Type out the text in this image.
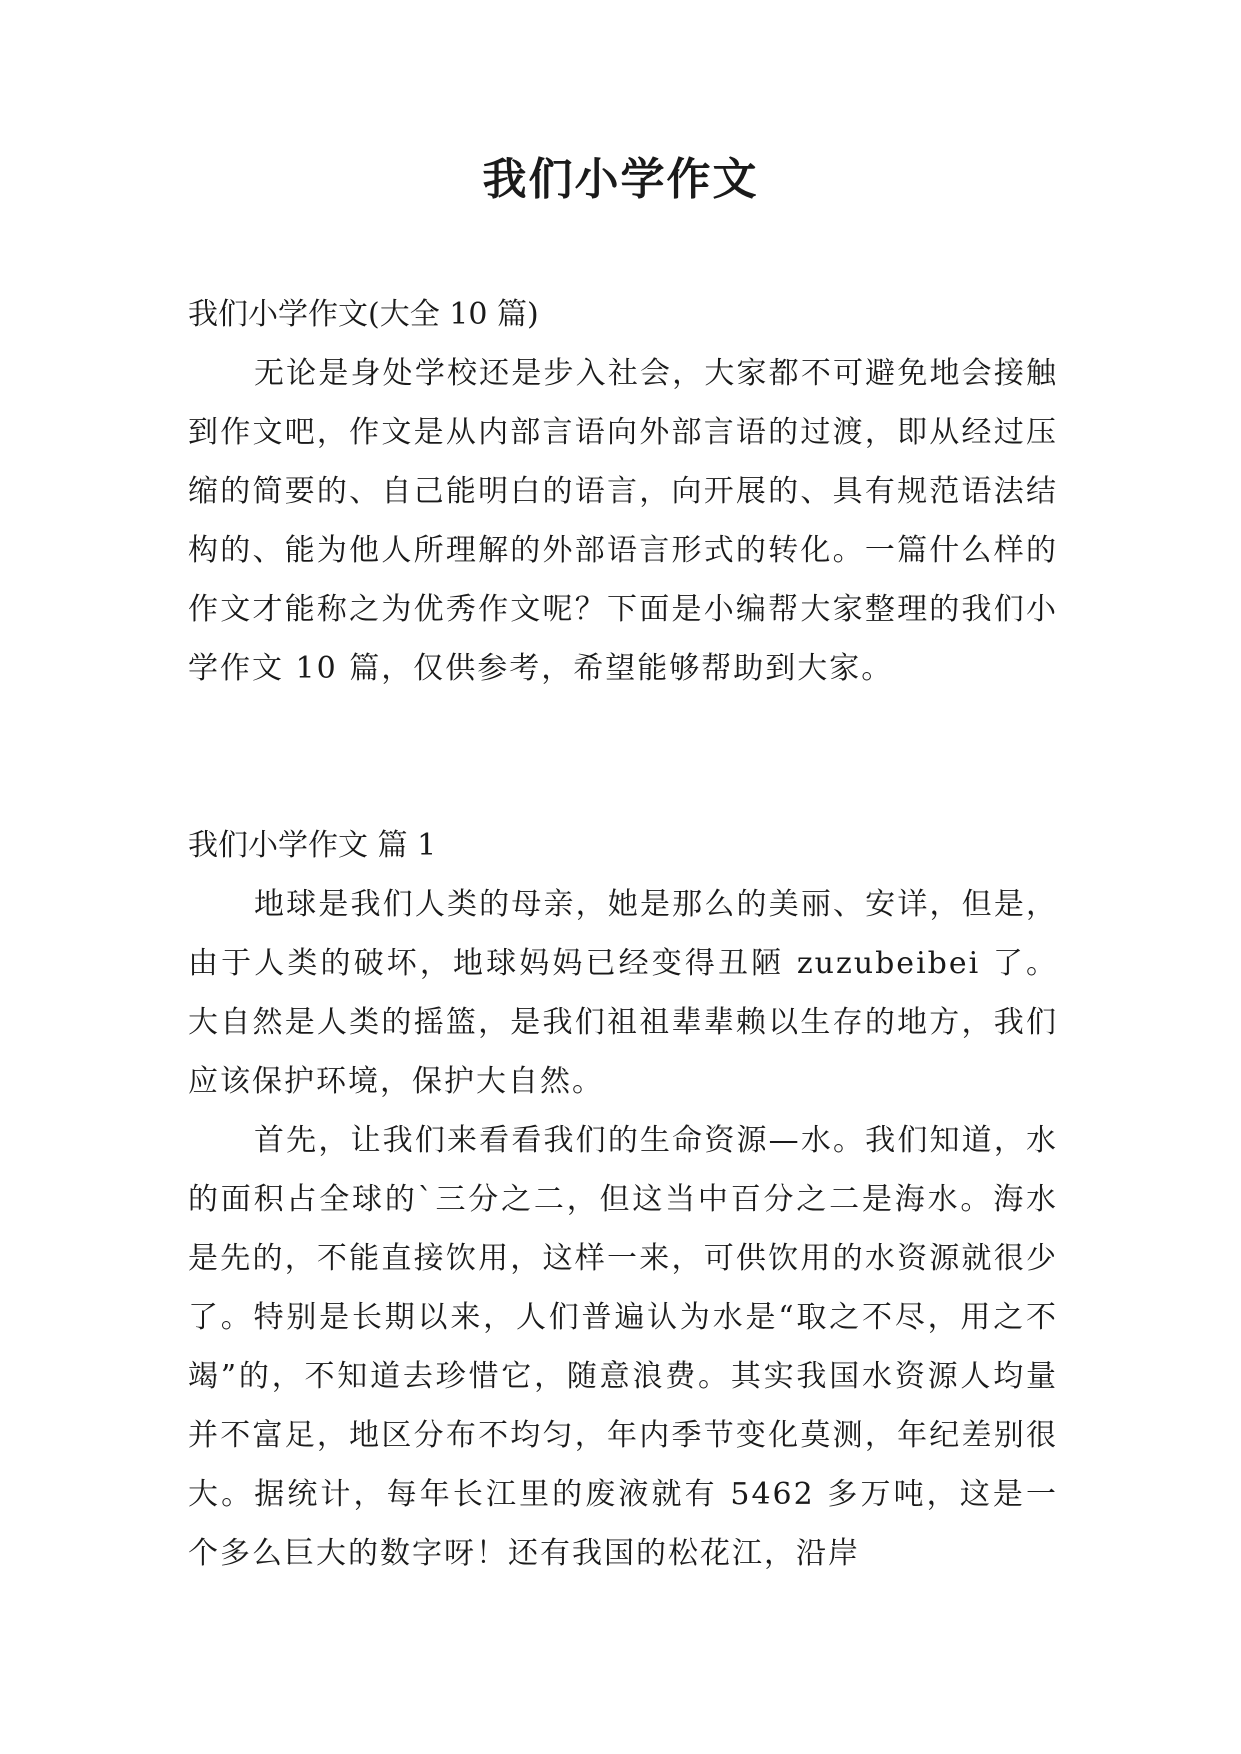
我们小学作文

我们小学作文(大全 10 篇)

无论是身处学校还是步入社会，大家都不可避免地会接触到作文吧，作文是从内部言语向外部言语的过渡，即从经过压缩的简要的、自己能明白的语言，向开展的、具有规范语法结构的、能为他人所理解的外部语言形式的转化。一篇什么样的作文才能称之为优秀作文呢？下面是小编帮大家整理的我们小学作文 10 篇，仅供参考，希望能够帮助到大家。

我们小学作文 篇 1

地球是我们人类的母亲，她是那么的美丽、安详，但是，由于人类的破坏，地球妈妈已经变得丑陋 zuzubeibei 了。大自然是人类的摇篮，是我们祖祖辈辈赖以生存的地方，我们应该保护环境，保护大自然。

首先，让我们来看看我们的生命资源—水。我们知道，水的面积占全球的`三分之二，但这当中百分之二是海水。海水是先的，不能直接饮用，这样一来，可供饮用的水资源就很少了。特别是长期以来，人们普遍认为水是“取之不尽，用之不竭”的，不知道去珍惜它，随意浪费。其实我国水资源人均量并不富足，地区分布不均匀，年内季节变化莫测，年纪差别很大。据统计，每年长江里的废液就有 5462 多万吨，这是一个多么巨大的数字呀！还有我国的松花江，沿岸
